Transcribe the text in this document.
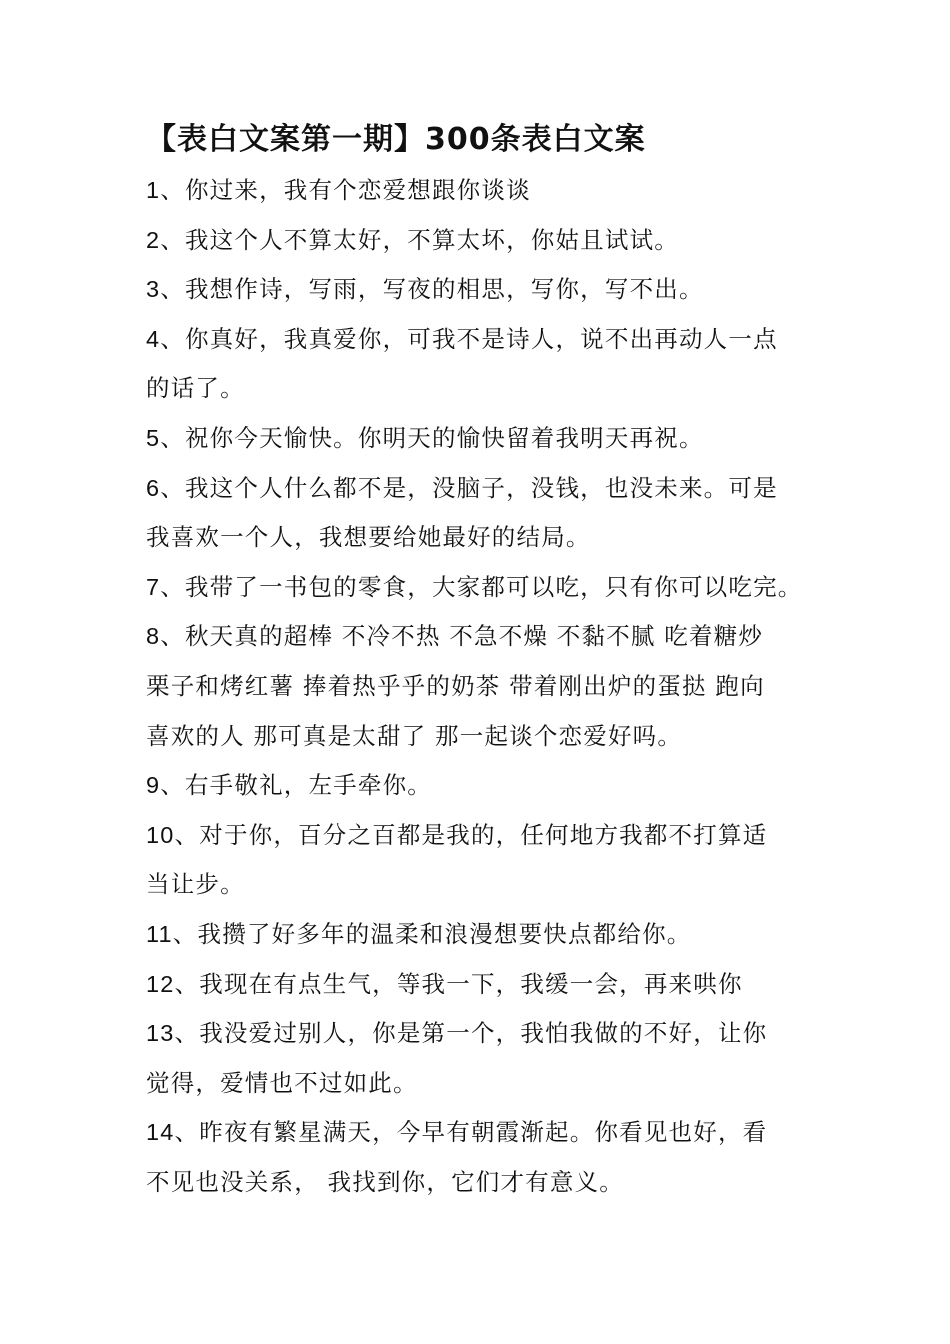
【表白文案第一期】300条表白文案

1、你过来，我有个恋爱想跟你谈谈

2、我这个人不算太好，不算太坏，你姑且试试。

3、我想作诗，写雨，写夜的相思，写你，写不出。

4、你真好，我真爱你，可我不是诗人，说不出再动人一点
的话了。

5、祝你今天愉快。你明天的愉快留着我明天再祝。

6、我这个人什么都不是，没脑子，没钱，也没未来。可是
我喜欢一个人，我想要给她最好的结局。

7、我带了一书包的零食，大家都可以吃，只有你可以吃完。

8、秋天真的超棒 不冷不热 不急不燥 不黏不腻 吃着糖炒
栗子和烤红薯 捧着热乎乎的奶茶 带着刚出炉的蛋挞 跑向
喜欢的人 那可真是太甜了 那一起谈个恋爱好吗。

9、右手敬礼，左手牵你。

10、对于你，百分之百都是我的，任何地方我都不打算适
当让步。

11、我攒了好多年的温柔和浪漫想要快点都给你。

12、我现在有点生气，等我一下，我缓一会，再来哄你

13、我没爱过别人，你是第一个，我怕我做的不好，让你
觉得，爱情也不过如此。

14、昨夜有繁星满天，今早有朝霞渐起。你看见也好，看
不见也没关系， 我找到你，它们才有意义。
